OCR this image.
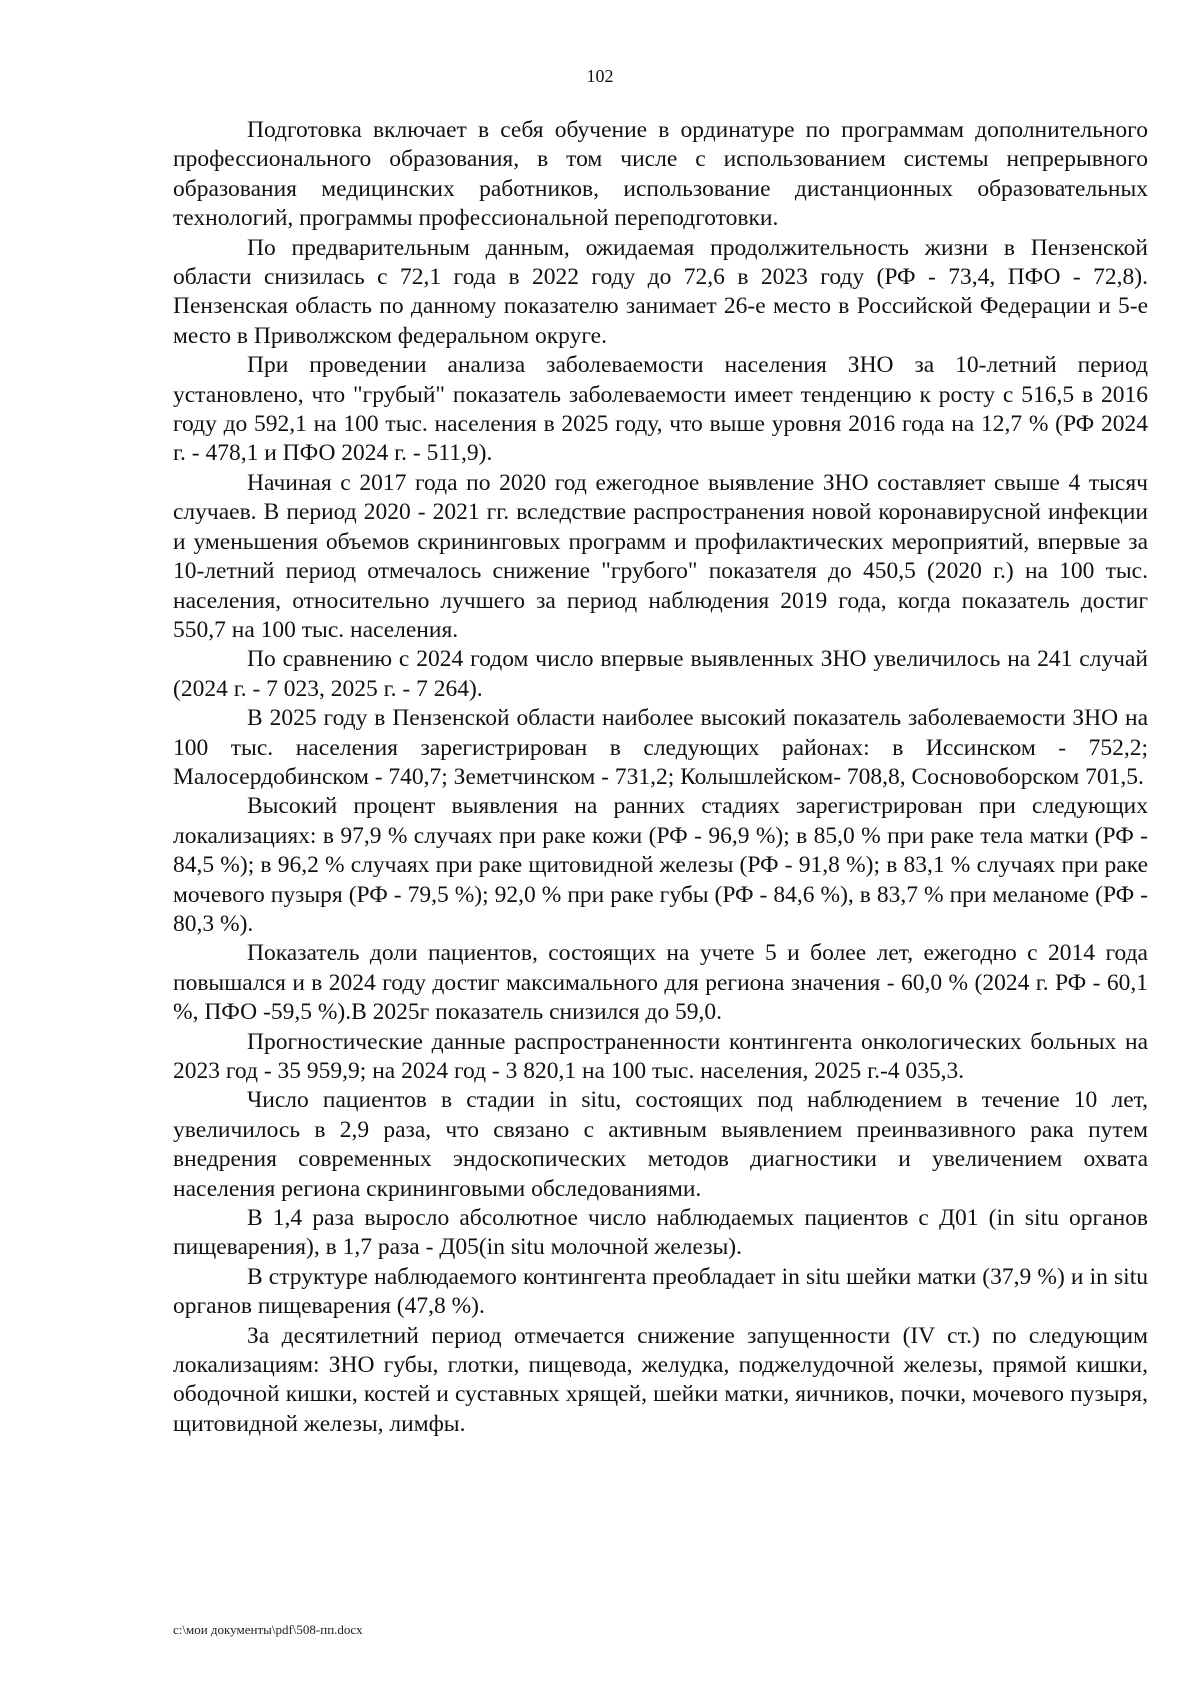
102

Подготовка включает в себя обучение в ординатуре по программам дополнительного профессионального образования, в том числе с использованием системы непрерывного образования медицинских работников, использование дистанционных образовательных технологий, программы профессиональной переподготовки.

По предварительным данным, ожидаемая продолжительность жизни в Пензенской области снизилась с 72,1 года в 2022 году до 72,6 в 2023 году (РФ - 73,4, ПФО - 72,8). Пензенская область по данному показателю занимает 26-е место в Российской Федерации и 5-е место в Приволжском федеральном округе.

При проведении анализа заболеваемости населения ЗНО за 10-летний период установлено, что "грубый" показатель заболеваемости имеет тенденцию к росту с 516,5 в 2016 году до 592,1 на 100 тыс. населения в 2025 году, что выше уровня 2016 года на 12,7 % (РФ 2024 г. - 478,1 и ПФО 2024 г. - 511,9).

Начиная с 2017 года по 2020 год ежегодное выявление ЗНО составляет свыше 4 тысяч случаев. В период 2020 - 2021 гг. вследствие распространения новой коронавирусной инфекции и уменьшения объемов скрининговых программ и профилактических мероприятий, впервые за 10-летний период отмечалось снижение "грубого" показателя до 450,5 (2020 г.) на 100 тыс. населения, относительно лучшего за период наблюдения 2019 года, когда показатель достиг 550,7 на 100 тыс. населения.

По сравнению с 2024 годом число впервые выявленных ЗНО увеличилось на 241 случай (2024 г. - 7 023, 2025 г. - 7 264).

В 2025 году в Пензенской области наиболее высокий показатель заболеваемости ЗНО на 100 тыс. населения зарегистрирован в следующих районах: в Иссинском - 752,2; Малосердобинском - 740,7; Земетчинском - 731,2; Колышлейском- 708,8, Сосновоборском 701,5.

Высокий процент выявления на ранних стадиях зарегистрирован при следующих локализациях: в 97,9 % случаях при раке кожи (РФ - 96,9 %); в 85,0 % при раке тела матки (РФ - 84,5 %); в 96,2 % случаях при раке щитовидной железы (РФ - 91,8 %); в 83,1 % случаях при раке мочевого пузыря (РФ - 79,5 %); 92,0 % при раке губы (РФ - 84,6 %), в 83,7 % при меланоме (РФ - 80,3 %).

Показатель доли пациентов, состоящих на учете 5 и более лет, ежегодно с 2014 года повышался и в 2024 году достиг максимального для региона значения - 60,0 % (2024 г. РФ - 60,1 %, ПФО -59,5 %).В 2025г показатель снизился до 59,0.

Прогностические данные распространенности контингента онкологических больных на 2023 год - 35 959,9; на 2024 год - 3 820,1 на 100 тыс. населения, 2025 г.-4 035,3.

Число пациентов в стадии in situ, состоящих под наблюдением в течение 10 лет, увеличилось в 2,9 раза, что связано с активным выявлением преинвазивного рака путем внедрения современных эндоскопических методов диагностики и увеличением охвата населения региона скрининговыми обследованиями.

В 1,4 раза выросло абсолютное число наблюдаемых пациентов с Д01 (in situ органов пищеварения), в 1,7 раза - Д05(in situ молочной железы).

В структуре наблюдаемого контингента преобладает in situ шейки матки (37,9 %) и in situ органов пищеварения (47,8 %).

За десятилетний период отмечается снижение запущенности (IV ст.) по следующим локализациям: ЗНО губы, глотки, пищевода, желудка, поджелудочной железы, прямой кишки, ободочной кишки, костей и суставных хрящей, шейки матки, яичников, почки, мочевого пузыря, щитовидной железы, лимфы.

c:\мои документы\pdf\508-пп.docx
